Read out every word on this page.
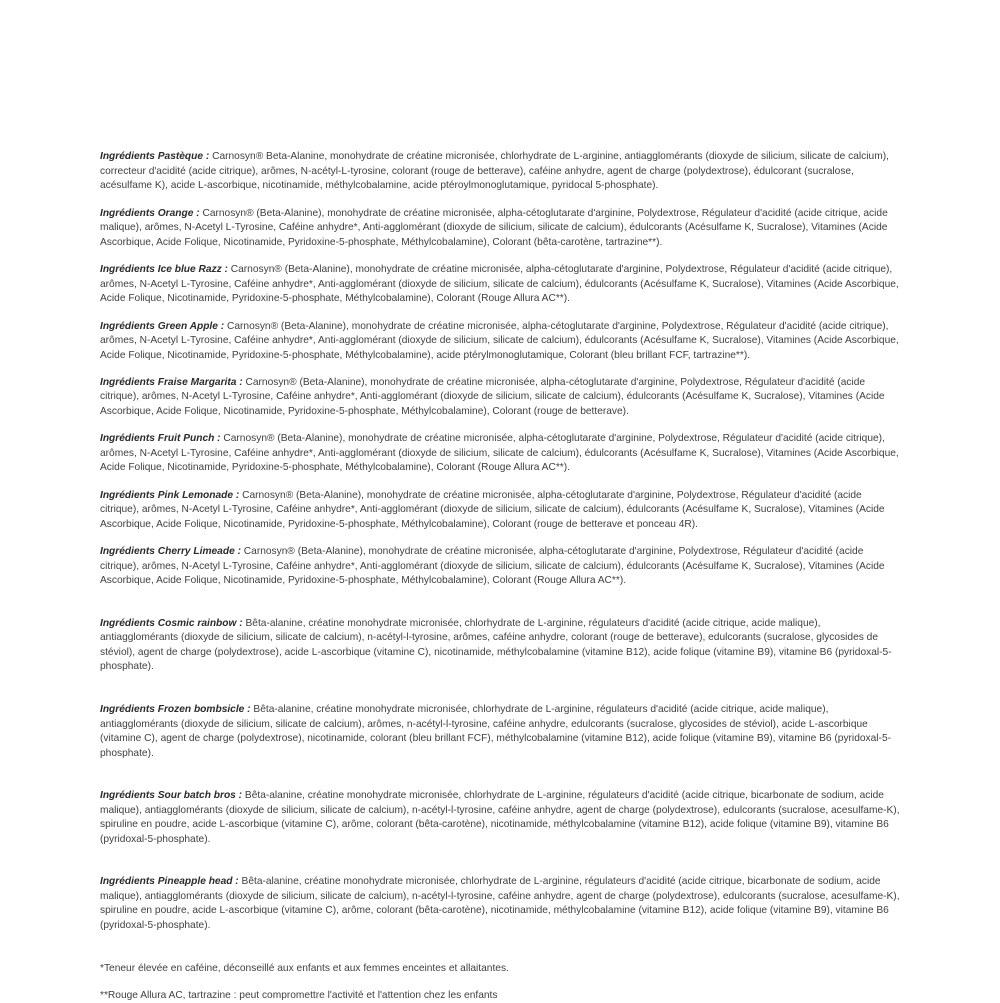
Ingrédients Pastèque : Carnosyn® Beta-Alanine, monohydrate de créatine micronisée, chlorhydrate de L-arginine, antiagglomérants (dioxyde de silicium, silicate de calcium), correcteur d'acidité (acide citrique), arômes, N-acétyl-L-tyrosine, colorant (rouge de betterave), caféine anhydre, agent de charge (polydextrose), édulcorant (sucralose, acésulfame K), acide L-ascorbique, nicotinamide, méthylcobalamine, acide ptéroylmonoglutamique, pyridocal 5-phosphate).

Ingrédients Orange : Carnosyn® (Beta-Alanine), monohydrate de créatine micronisée, alpha-cétoglutarate d'arginine, Polydextrose, Régulateur d'acidité (acide citrique, acide malique), arômes, N-Acetyl L-Tyrosine, Caféine anhydre*, Anti-agglomérant (dioxyde de silicium, silicate de calcium), édulcorants (Acésulfame K, Sucralose), Vitamines (Acide Ascorbique, Acide Folique, Nicotinamide, Pyridoxine-5-phosphate, Méthylcobalamine), Colorant (bêta-carotène, tartrazine**).

Ingrédients Ice blue Razz : Carnosyn® (Beta-Alanine), monohydrate de créatine micronisée, alpha-cétoglutarate d'arginine, Polydextrose, Régulateur d'acidité (acide citrique), arômes, N-Acetyl L-Tyrosine, Caféine anhydre*, Anti-agglomérant (dioxyde de silicium, silicate de calcium), édulcorants (Acésulfame K, Sucralose), Vitamines (Acide Ascorbique, Acide Folique, Nicotinamide, Pyridoxine-5-phosphate, Méthylcobalamine), Colorant (Rouge Allura AC**).

Ingrédients Green Apple : Carnosyn® (Beta-Alanine), monohydrate de créatine micronisée, alpha-cétoglutarate d'arginine, Polydextrose, Régulateur d'acidité (acide citrique), arômes, N-Acetyl L-Tyrosine, Caféine anhydre*, Anti-agglomérant (dioxyde de silicium, silicate de calcium), édulcorants (Acésulfame K, Sucralose), Vitamines (Acide Ascorbique, Acide Folique, Nicotinamide, Pyridoxine-5-phosphate, Méthylcobalamine), acide ptérylmonoglutamique, Colorant (bleu brillant FCF, tartrazine**).

Ingrédients Fraise Margarita : Carnosyn® (Beta-Alanine), monohydrate de créatine micronisée, alpha-cétoglutarate d'arginine, Polydextrose, Régulateur d'acidité (acide citrique), arômes, N-Acetyl L-Tyrosine, Caféine anhydre*, Anti-agglomérant (dioxyde de silicium, silicate de calcium), édulcorants (Acésulfame K, Sucralose), Vitamines (Acide Ascorbique, Acide Folique, Nicotinamide, Pyridoxine-5-phosphate, Méthylcobalamine), Colorant (rouge de betterave).

Ingrédients Fruit Punch : Carnosyn® (Beta-Alanine), monohydrate de créatine micronisée, alpha-cétoglutarate d'arginine, Polydextrose, Régulateur d'acidité (acide citrique), arômes, N-Acetyl L-Tyrosine, Caféine anhydre*, Anti-agglomérant (dioxyde de silicium, silicate de calcium), édulcorants (Acésulfame K, Sucralose), Vitamines (Acide Ascorbique, Acide Folique, Nicotinamide, Pyridoxine-5-phosphate, Méthylcobalamine), Colorant (Rouge Allura AC**).

Ingrédients Pink Lemonade : Carnosyn® (Beta-Alanine), monohydrate de créatine micronisée, alpha-cétoglutarate d'arginine, Polydextrose, Régulateur d'acidité (acide citrique), arômes, N-Acetyl L-Tyrosine, Caféine anhydre*, Anti-agglomérant (dioxyde de silicium, silicate de calcium), édulcorants (Acésulfame K, Sucralose), Vitamines (Acide Ascorbique, Acide Folique, Nicotinamide, Pyridoxine-5-phosphate, Méthylcobalamine), Colorant (rouge de betterave et ponceau 4R).

Ingrédients Cherry Limeade : Carnosyn® (Beta-Alanine), monohydrate de créatine micronisée, alpha-cétoglutarate d'arginine, Polydextrose, Régulateur d'acidité (acide citrique), arômes, N-Acetyl L-Tyrosine, Caféine anhydre*, Anti-agglomérant (dioxyde de silicium, silicate de calcium), édulcorants (Acésulfame K, Sucralose), Vitamines (Acide Ascorbique, Acide Folique, Nicotinamide, Pyridoxine-5-phosphate, Méthylcobalamine), Colorant (Rouge Allura AC**).

Ingrédients Cosmic rainbow : Bêta-alanine, créatine monohydrate micronisée, chlorhydrate de L-arginine, régulateurs d'acidité (acide citrique, acide malique), antiagglomérants (dioxyde de silicium, silicate de calcium), n-acétyl-l-tyrosine, arômes, caféine anhydre, colorant (rouge de betterave), edulcorants (sucralose, glycosides de stéviol), agent de charge (polydextrose), acide L-ascorbique (vitamine C), nicotinamide, méthylcobalamine (vitamine B12), acide folique (vitamine B9), vitamine B6 (pyridoxal-5-phosphate).

Ingrédients Frozen bombsicle : Bêta-alanine, créatine monohydrate micronisée, chlorhydrate de L-arginine, régulateurs d'acidité (acide citrique, acide malique), antiagglomérants (dioxyde de silicium, silicate de calcium), arômes, n-acétyl-l-tyrosine, caféine anhydre, edulcorants (sucralose, glycosides de stéviol), acide L-ascorbique (vitamine C), agent de charge (polydextrose), nicotinamide, colorant (bleu brillant FCF), méthylcobalamine (vitamine B12), acide folique (vitamine B9), vitamine B6 (pyridoxal-5-phosphate).

Ingrédients Sour batch bros : Bêta-alanine, créatine monohydrate micronisée, chlorhydrate de L-arginine, régulateurs d'acidité (acide citrique, bicarbonate de sodium, acide malique), antiagglomérants (dioxyde de silicium, silicate de calcium), n-acétyl-l-tyrosine, caféine anhydre, agent de charge (polydextrose), edulcorants (sucralose, acesulfame-K), spiruline en poudre, acide L-ascorbique (vitamine C), arôme, colorant (bêta-carotène), nicotinamide, méthylcobalamine (vitamine B12), acide folique (vitamine B9), vitamine B6 (pyridoxal-5-phosphate).

Ingrédients Pineapple head : Bêta-alanine, créatine monohydrate micronisée, chlorhydrate de L-arginine, régulateurs d'acidité (acide citrique, bicarbonate de sodium, acide malique), antiagglomérants (dioxyde de silicium, silicate de calcium), n-acétyl-l-tyrosine, caféine anhydre, agent de charge (polydextrose), edulcorants (sucralose, acesulfame-K), spiruline en poudre, acide L-ascorbique (vitamine C), arôme, colorant (bêta-carotène), nicotinamide, méthylcobalamine (vitamine B12), acide folique (vitamine B9), vitamine B6 (pyridoxal-5-phosphate).

*Teneur élevée en caféine, déconseillé aux enfants et aux femmes enceintes et allaitantes.

**Rouge Allura AC, tartrazine : peut compromettre l'activité et l'attention chez les enfants
